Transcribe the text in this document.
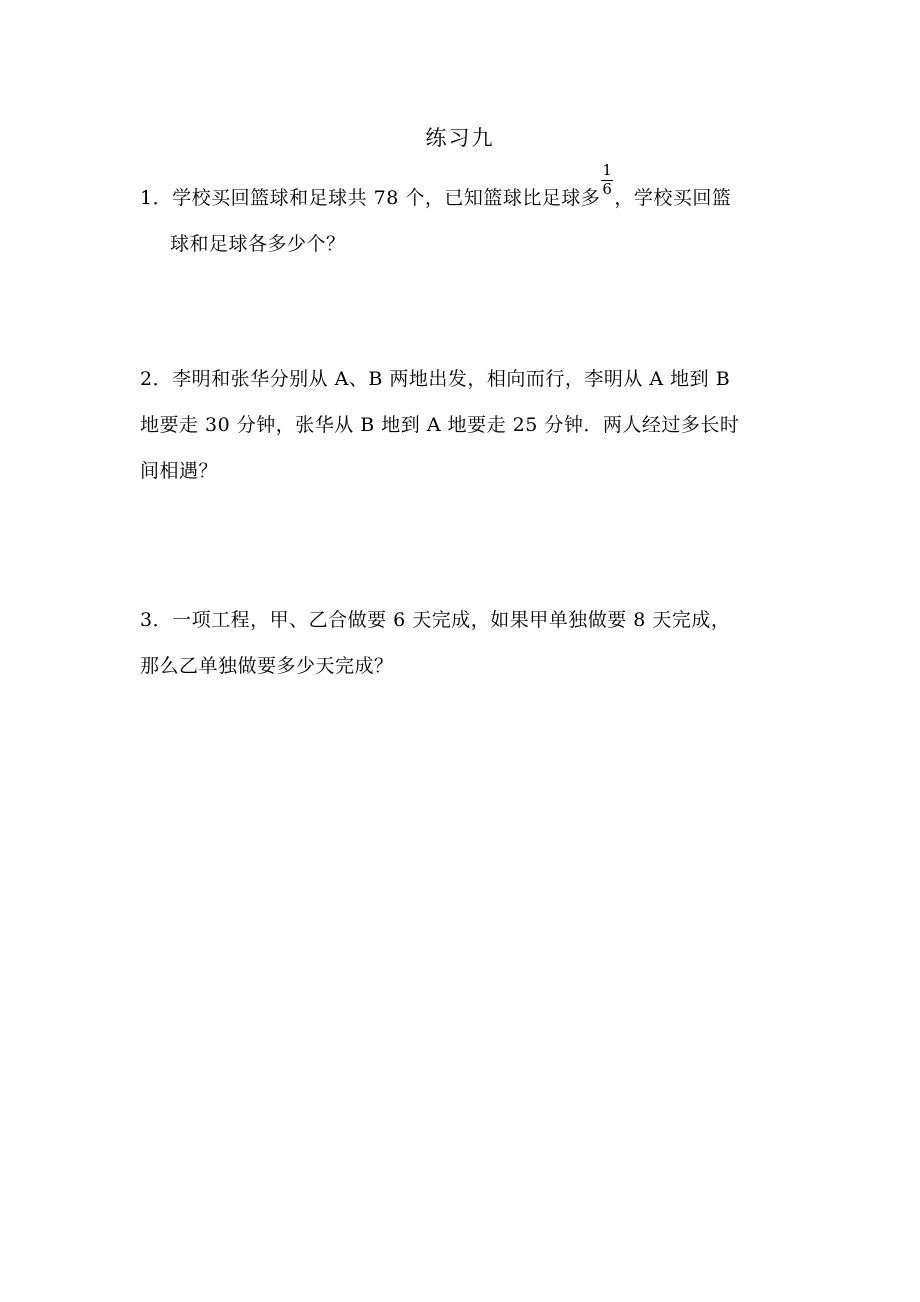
练习九
1．学校买回篮球和足球共 78 个，已知篮球比足球多 $\frac{1}{6}$ ，学校买回篮
球和足球各多少个？
2．李明和张华分别从 A、B 两地出发，相向而行，李明从 A 地到 B
地要走 30 分钟，张华从 B 地到 A 地要走 25 分钟．两人经过多长时
间相遇？
3．一项工程，甲、乙合做要 6 天完成，如果甲单独做要 8 天完成，
那么乙单独做要多少天完成？
